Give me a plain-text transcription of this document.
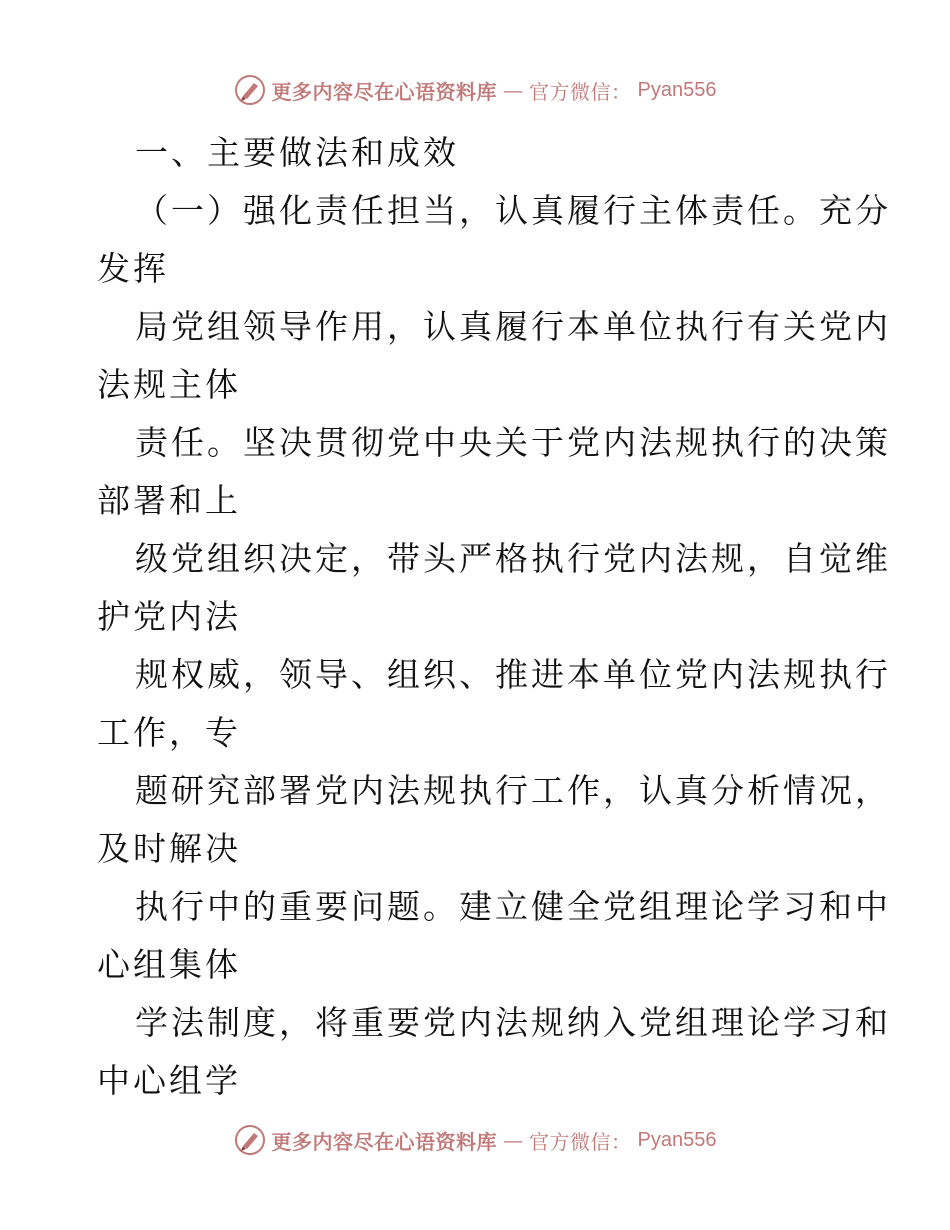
更多内容尽在心语资料库 — 官方微信： Pyan556
一、主要做法和成效
（一）强化责任担当，认真履行主体责任。充分
发挥
局党组领导作用，认真履行本单位执行有关党内
法规主体
责任。坚决贯彻党中央关于党内法规执行的决策
部署和上
级党组织决定，带头严格执行党内法规，自觉维
护党内法
规权威，领导、组织、推进本单位党内法规执行
工作，专
题研究部署党内法规执行工作，认真分析情况，
及时解决
执行中的重要问题。建立健全党组理论学习和中
心组集体
学法制度，将重要党内法规纳入党组理论学习和
中心组学
更多内容尽在心语资料库 — 官方微信： Pyan556
